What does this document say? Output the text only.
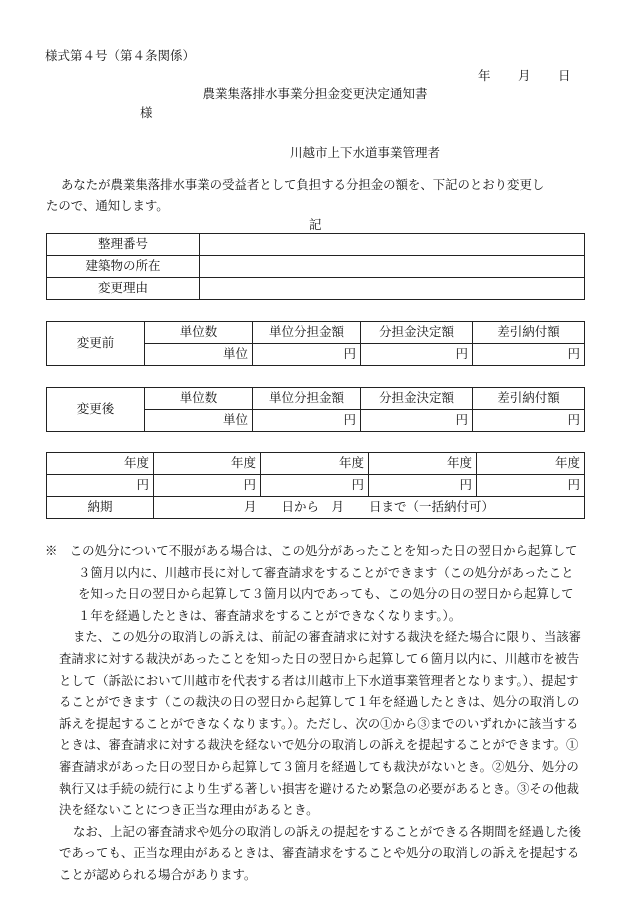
様式第４号（第４条関係）
年 月 日
農業集落排水事業分担金変更決定通知書
様
川越市上下水道事業管理者
あなたが農業集落排水事業の受益者として負担する分担金の額を、下記のとおり変更し
たので、通知します。
記
整理番号	
建築物の所在	
変更理由	
変更前	単位数	単位分担金額	分担金決定額	差引納付額
	単位	円	円	円
変更後	単位数	単位分担金額	分担金決定額	差引納付額
	単位	円	円	円
年度	年度	年度	年度	年度
円	円	円	円	円
納期	月　　日から　月　　日まで（一括納付可）			

※　この処分について不服がある場合は、この処分があったことを知った日の翌日から起算して３箇月以内に、川越市長に対して審査請求をすることができます（この処分があったことを知った日の翌日から起算して３箇月以内であっても、この処分の日の翌日から起算して１年を経過したときは、審査請求をすることができなくなります。）。

また、この処分の取消しの訴えは、前記の審査請求に対する裁決を経た場合に限り、当該審査請求に対する裁決があったことを知った日の翌日から起算して６箇月以内に、川越市を被告として（訴訟において川越市を代表する者は川越市上下水道事業管理者となります。）、提起することができます（この裁決の日の翌日から起算して１年を経過したときは、処分の取消しの訴えを提起することができなくなります。）。ただし、次の①から③までのいずれかに該当するときは、審査請求に対する裁決を経ないで処分の取消しの訴えを提起することができます。①審査請求があった日の翌日から起算して３箇月を経過しても裁決がないとき。②処分、処分の執行又は手続の続行により生ずる著しい損害を避けるため緊急の必要があるとき。③その他裁決を経ないことにつき正当な理由があるとき。

なお、上記の審査請求や処分の取消しの訴えの提起をすることができる各期間を経過した後であっても、正当な理由があるときは、審査請求をすることや処分の取消しの訴えを提起することが認められる場合があります。
